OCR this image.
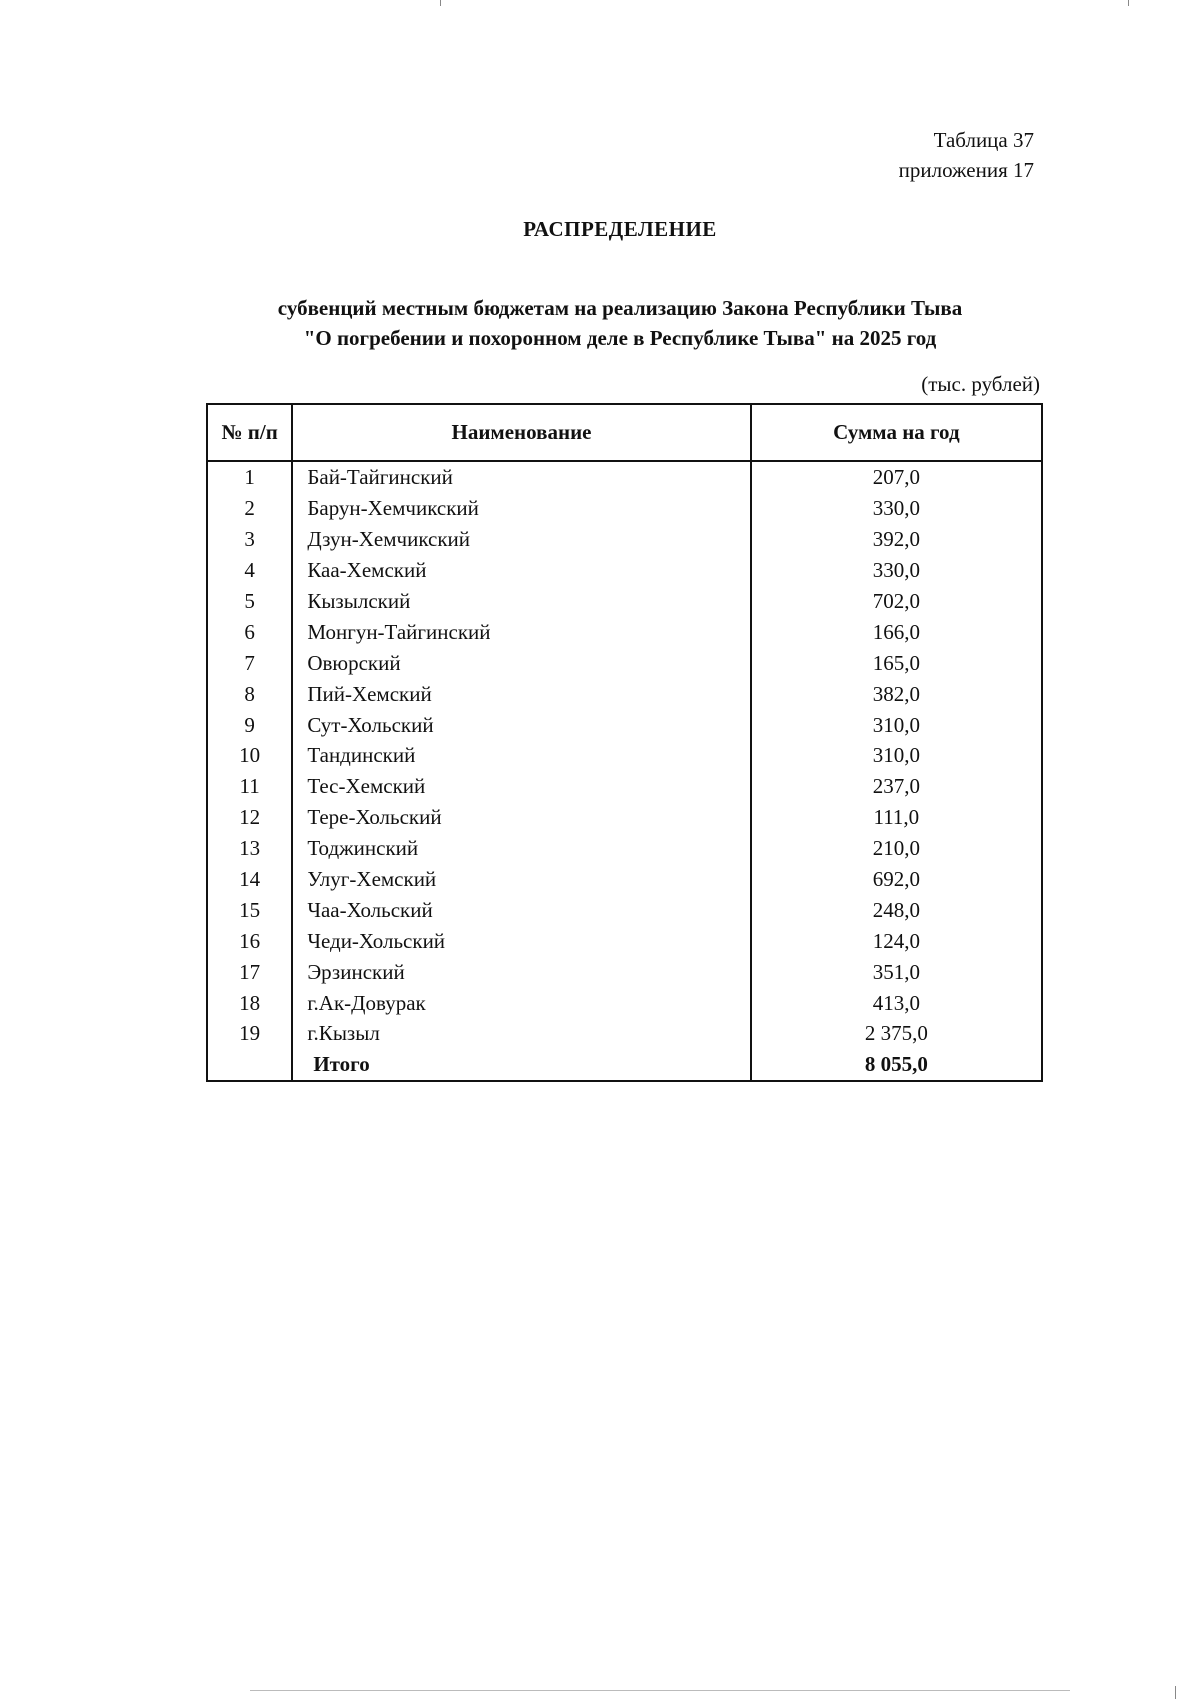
Таблица 37
приложения 17
РАСПРЕДЕЛЕНИЕ
субвенций местным бюджетам на реализацию Закона Республики Тыва
"О погребении и похоронном деле в Республике Тыва" на 2025 год
(тыс. рублей)
№ п/п	Наименование	Сумма на год
1	Бай-Тайгинский	207,0
2	Барун-Хемчикский	330,0
3	Дзун-Хемчикский	392,0
4	Каа-Хемский	330,0
5	Кызылский	702,0
6	Монгун-Тайгинский	166,0
7	Овюрский	165,0
8	Пий-Хемский	382,0
9	Сут-Хольский	310,0
10	Тандинский	310,0
11	Тес-Хемский	237,0
12	Тере-Хольский	111,0
13	Тоджинский	210,0
14	Улуг-Хемский	692,0
15	Чаа-Хольский	248,0
16	Чеди-Хольский	124,0
17	Эрзинский	351,0
18	г.Ак-Довурак	413,0
19	г.Кызыл	2 375,0
	Итого	8 055,0
